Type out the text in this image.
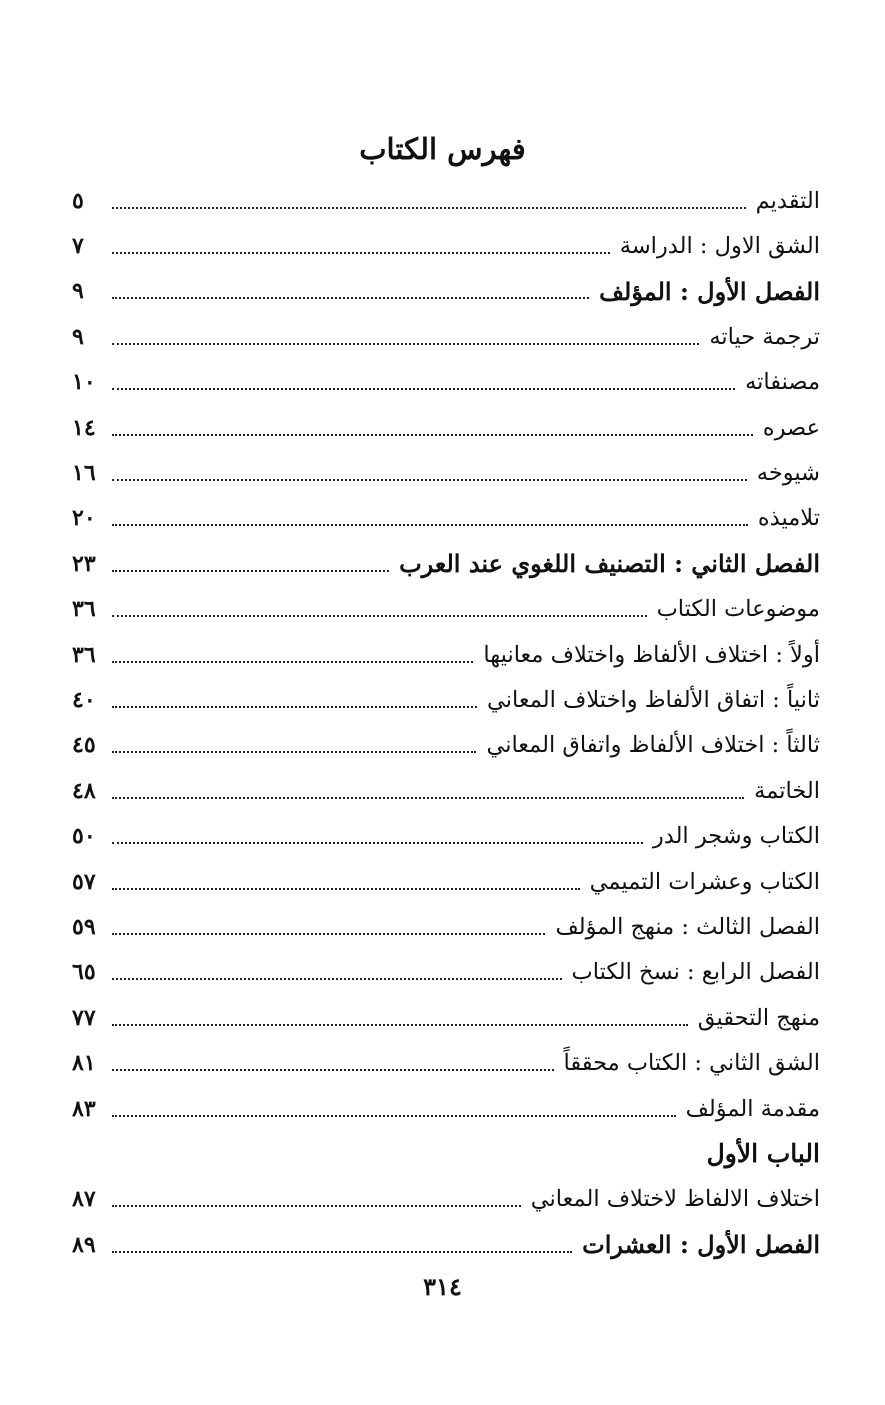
فهرس الكتاب
التقديم
٥
الشق الاول : الدراسة
٧
الفصل الأول : المؤلف
٩
ترجمة حياته
٩
مصنفاته
١٠
عصره
١٤
شيوخه
١٦
تلاميذه
٢٠
الفصل الثاني : التصنيف اللغوي عند العرب
٢٣
موضوعات الكتاب
٣٦
أولاً : اختلاف الألفاظ واختلاف معانيها
٣٦
ثانياً : اتفاق الألفاظ واختلاف المعاني
٤٠
ثالثاً : اختلاف الألفاظ واتفاق المعاني
٤٥
الخاتمة
٤٨
الكتاب وشجر الدر
٥٠
الكتاب وعشرات التميمي
٥٧
الفصل الثالث : منهج المؤلف
٥٩
الفصل الرابع : نسخ الكتاب
٦٥
منهج التحقيق
٧٧
الشق الثاني : الكتاب محققاً
٨١
مقدمة المؤلف
٨٣
الباب الأول
اختلاف الالفاظ لاختلاف المعاني
٨٧
الفصل الأول : العشرات
٨٩
٣١٤
